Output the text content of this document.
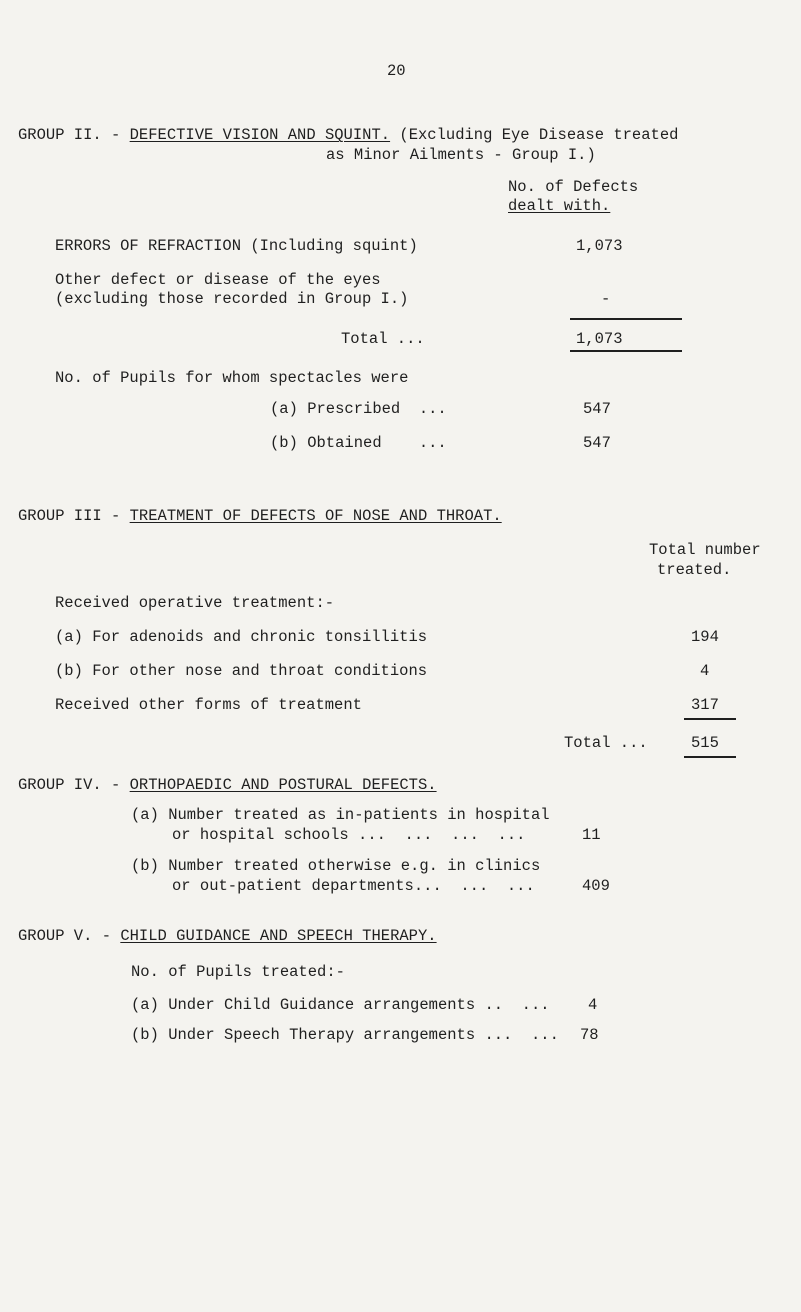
20
GROUP II. - DEFECTIVE VISION AND SQUINT. (Excluding Eye Disease treated
as Minor Ailments - Group I.)
No. of Defects
dealt with.
ERRORS OF REFRACTION (Including squint)	1,073
Other defect or disease of the eyes
(excluding those recorded in Group I.)	-
Total ...	1,073
No. of Pupils for whom spectacles were
(a) Prescribed  ...	547
(b) Obtained    ...	547
GROUP III - TREATMENT OF DEFECTS OF NOSE AND THROAT.
Total number
treated.
Received operative treatment:-
(a) For adenoids and chronic tonsillitis	194
(b) For other nose and throat conditions	4
Received other forms of treatment	317
Total ...	515
GROUP IV. - ORTHOPAEDIC AND POSTURAL DEFECTS.
(a) Number treated as in-patients in hospital
or hospital schools ...  ...  ...  ...	11
(b) Number treated otherwise e.g. in clinics
or out-patient departments...  ...  ...	409
GROUP V. - CHILD GUIDANCE AND SPEECH THERAPY.
No. of Pupils treated:-
(a) Under Child Guidance arrangements ..  ... 4
(b) Under Speech Therapy arrangements ...  ... 78
